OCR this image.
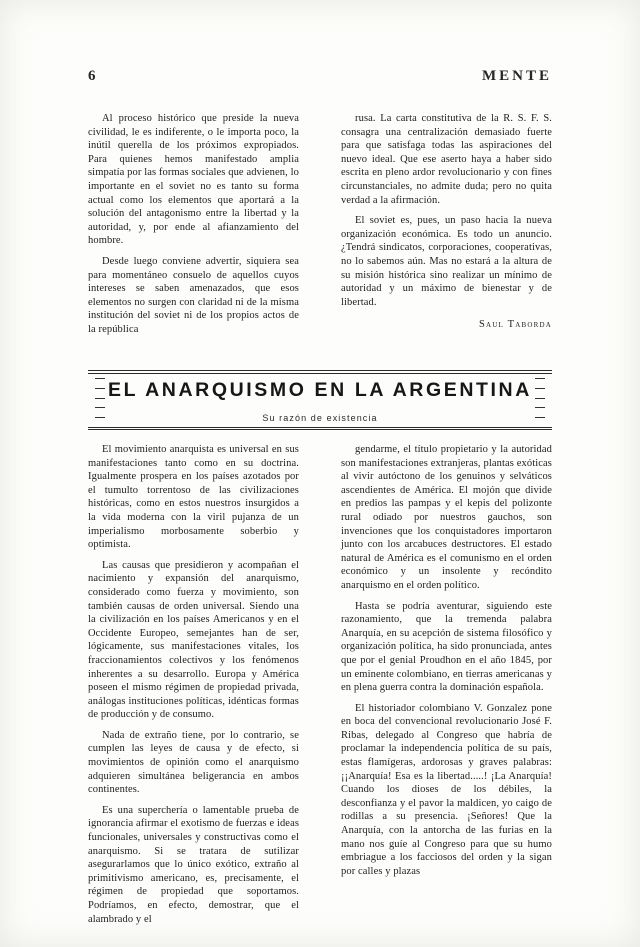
6	MENTE

Al proceso histórico que preside la nueva civilidad, le es indiferente, o le importa poco, la inútil querella de los próximos expropiados. Para quienes hemos manifestado amplia simpatía por las formas sociales que advienen, lo importante en el soviet no es tanto su forma actual como los elementos que aportará a la solución del antagonismo entre la libertad y la autoridad, y, por ende al afianzamiento del hombre.

Desde luego conviene advertir, siquiera sea para momentáneo consuelo de aquellos cuyos intereses se saben amenazados, que esos elementos no surgen con claridad ni de la misma institución del soviet ni de los propios actos de la república

rusa. La carta constitutiva de la R. S. F. S. consagra una centralización demasiado fuerte para que satisfaga todas las aspiraciones del nuevo ideal. Que ese aserto haya a haber sido escrita en pleno ardor revolucionario y con fines circunstanciales, no admite duda; pero no quita verdad a la afirmación.

El soviet es, pues, un paso hacia la nueva organización económica. Es todo un anuncio. ¿Tendrá sindicatos, corporaciones, cooperativas, no lo sabemos aún. Mas no estará a la altura de su misión histórica sino realizar un mínimo de autoridad y un máximo de bienestar y de libertad.

Saul Taborda
EL ANARQUISMO EN LA ARGENTINA
Su razón de existencia

El movimiento anarquista es universal en sus manifestaciones tanto como en su doctrina. Igualmente prospera en los países azotados por el tumulto torrentoso de las civilizaciones históricas, como en estos nuestros insurgidos a la vida moderna con la viril pujanza de un imperialismo morbosamente soberbio y optimista.

Las causas que presidieron y acompañan el nacimiento y expansión del anarquismo, considerado como fuerza y movimiento, son también causas de orden universal. Siendo una la civilización en los países Americanos y en el Occidente Europeo, semejantes han de ser, lógicamente, sus manifestaciones vitales, los fraccionamientos colectivos y los fenómenos inherentes a su desarrollo. Europa y América poseen el mismo régimen de propiedad privada, análogas instituciones políticas, idénticas formas de producción y de consumo.

Nada de extraño tiene, por lo contrario, se cumplen las leyes de causa y de efecto, si movimientos de opinión como el anarquismo adquieren simultánea beligerancia en ambos continentes.

Es una superchería o lamentable prueba de ignorancia afirmar el exotismo de fuerzas e ideas funcionales, universales y constructivas como el anarquismo. Si se tratara de sutilizar asegurarlamos que lo único exótico, extraño al primitivismo americano, es, precisamente, el régimen de propiedad que soportamos. Podríamos, en efecto, demostrar, que el alambrado y el

gendarme, el título propietario y la autoridad son manifestaciones extranjeras, plantas exóticas al vivir autóctono de los genuinos y selváticos ascendientes de América. El mojón que divide en predios las pampas y el kepis del polizonte rural odiado por nuestros gauchos, son invenciones que los conquistadores importaron junto con los arcabuces destructores. El estado natural de América es el comunismo en el orden económico y un insolente y recóndito anarquismo en el orden político.

Hasta se podría aventurar, siguiendo este razonamiento, que la tremenda palabra Anarquía, en su acepción de sistema filosófico y organización política, ha sido pronunciada, antes que por el genial Proudhon en el año 1845, por un eminente colombiano, en tierras americanas y en plena guerra contra la dominación española.

El historiador colombiano V. Gonzalez pone en boca del convencional revolucionario José F. Ribas, delegado al Congreso que habría de proclamar la independencia política de su país, estas flamígeras, ardorosas y graves palabras: ¡¡Anarquía! Esa es la libertad.....! ¡La Anarquía! Cuando los dioses de los débiles, la desconfianza y el pavor la maldicen, yo caigo de rodillas a su presencia. ¡Señores! Que la Anarquía, con la antorcha de las furias en la mano nos guíe al Congreso para que su humo embriague a los facciosos del orden y la sigan por calles y plazas
